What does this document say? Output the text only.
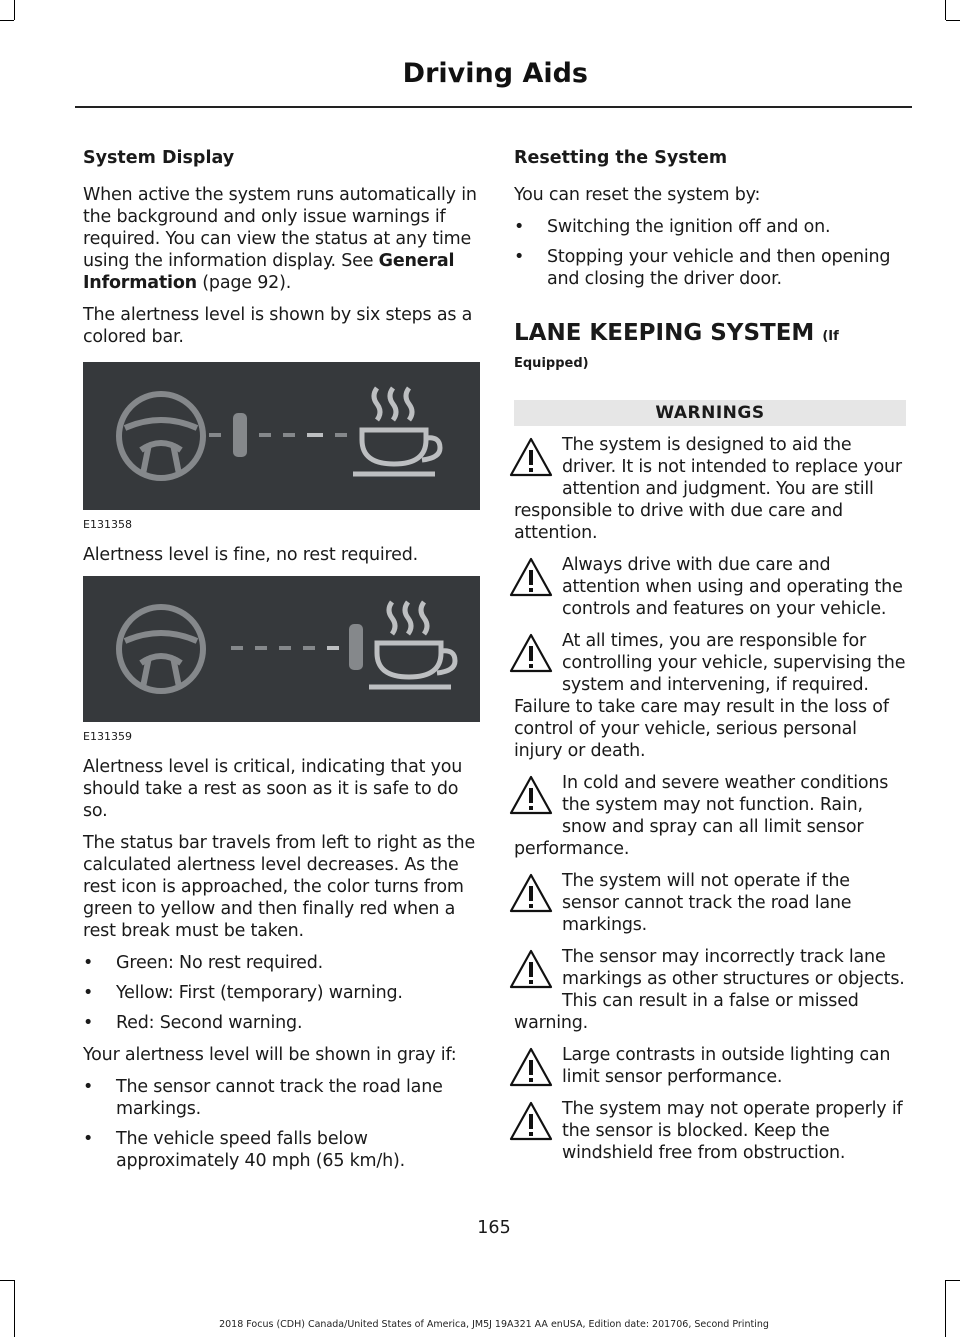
Driving Aids
System Display

When active the system runs automatically in the background and only issue warnings if required. You can view the status at any time using the information display. See General Information (page 92).

The alertness level is shown by six steps as a colored bar.

E131358

Alertness level is fine, no rest required.

E131359

Alertness level is critical, indicating that you should take a rest as soon as it is safe to do so.

The status bar travels from left to right as the calculated alertness level decreases. As the rest icon is approached, the color turns from green to yellow and then finally red when a rest break must be taken.

• Green: No rest required.
• Yellow: First (temporary) warning.
• Red: Second warning.

Your alertness level will be shown in gray if:

• The sensor cannot track the road lane markings.
• The vehicle speed falls below approximately 40 mph (65 km/h).
Resetting the System

You can reset the system by:

• Switching the ignition off and on.
• Stopping your vehicle and then opening and closing the driver door.
LANE KEEPING SYSTEM (If
Equipped)
WARNINGS

The system is designed to aid the driver. It is not intended to replace your attention and judgment. You are still responsible to drive with due care and attention.

Always drive with due care and attention when using and operating the controls and features on your vehicle.

At all times, you are responsible for controlling your vehicle, supervising the system and intervening, if required. Failure to take care may result in the loss of control of your vehicle, serious personal injury or death.

In cold and severe weather conditions the system may not function. Rain, snow and spray can all limit sensor performance.

The system will not operate if the sensor cannot track the road lane markings.

The sensor may incorrectly track lane markings as other structures or objects. This can result in a false or missed warning.

Large contrasts in outside lighting can limit sensor performance.

The system may not operate properly if the sensor is blocked. Keep the windshield free from obstruction.

165
2018 Focus (CDH) Canada/United States of America, JM5J 19A321 AA enUSA, Edition date: 201706, Second Printing
